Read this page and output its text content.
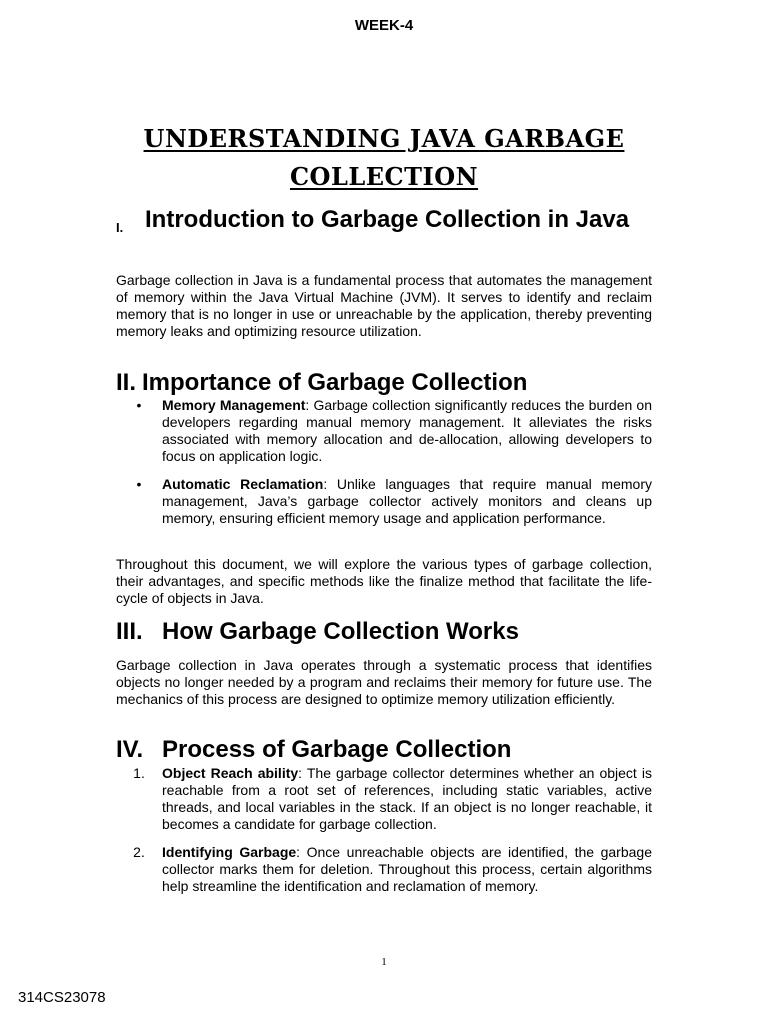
WEEK-4
UNDERSTANDING JAVA GARBAGE
COLLECTION
I. Introduction to Garbage Collection in Java
Garbage collection in Java is a fundamental process that automates the management of memory within the Java Virtual Machine (JVM). It serves to identify and reclaim memory that is no longer in use or unreachable by the application, thereby preventing memory leaks and optimizing resource utilization.
II. Importance of Garbage Collection
•	Memory Management: Garbage collection significantly reduces the burden on developers regarding manual memory management. It alleviates the risks associated with memory allocation and de-allocation, allowing developers to focus on application logic.
•	Automatic Reclamation: Unlike languages that require manual memory management, Java’s garbage collector actively monitors and cleans up memory, ensuring efficient memory usage and application performance.
Throughout this document, we will explore the various types of garbage collection, their advantages, and specific methods like the finalize method that facilitate the life-cycle of objects in Java.
III. How Garbage Collection Works
Garbage collection in Java operates through a systematic process that identifies objects no longer needed by a program and reclaims their memory for future use. The mechanics of this process are designed to optimize memory utilization efficiently.
IV. Process of Garbage Collection
1.	Object Reach ability: The garbage collector determines whether an object is reachable from a root set of references, including static variables, active threads, and local variables in the stack. If an object is no longer reachable, it becomes a candidate for garbage collection.
2.	Identifying Garbage: Once unreachable objects are identified, the garbage collector marks them for deletion. Throughout this process, certain algorithms help streamline the identification and reclamation of memory.
1
314CS23078
